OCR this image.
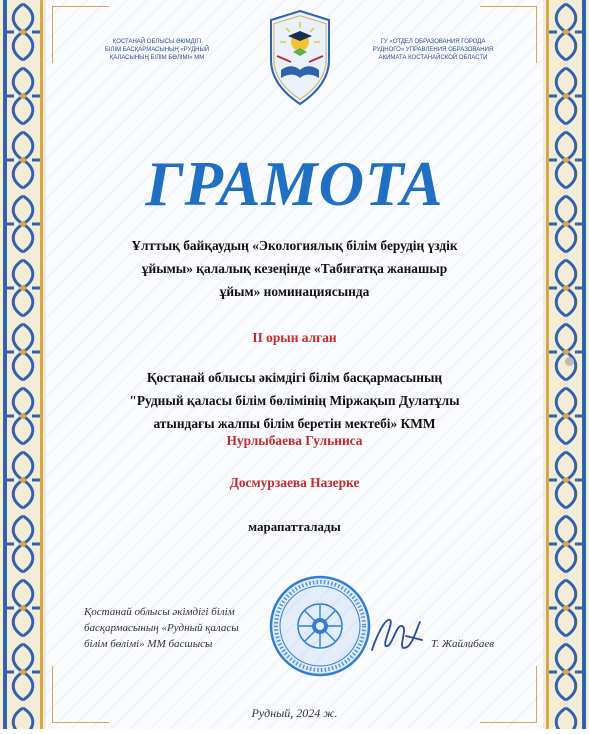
ҚОСТАНАЙ ОБЛЫСЫ ӘКІМДІГІ
БІЛІМ БАСҚАРМАСЫНЫҢ «РУДНЫЙ
ҚАЛАСЫНЫҢ БІЛІМ БӨЛІМІ» ММ
ГУ «ОТДЕЛ ОБРАЗОВАНИЯ ГОРОДА
РУДНОГО» УПРАВЛЕНИЯ ОБРАЗОВАНИЯ
АКИМАТА КОСТАНАЙСКОЙ ОБЛАСТИ
ГРАМОТА
Ұлттық байқаудың «Экологиялық білім берудің үздік
ұйымы» қалалық кезеңінде «Табиғатқа жанашыр
ұйым» номинациясында
ІІ орын алған
Қостанай облысы әкімдігі білім басқармасының
"Рудный қаласы білім бөлімінің Міржақып Дулатұлы
атындағы жалпы білім беретін мектебі» КММ
Нурлыбаева Гульниса
Досмурзаева Назерке
марапатталады
Қостанай облысы әкімдігі білім
басқармасының «Рудный қаласы
білім бөлімі» ММ басшысы	Т. Жайлибаев
Рудный, 2024 ж.
